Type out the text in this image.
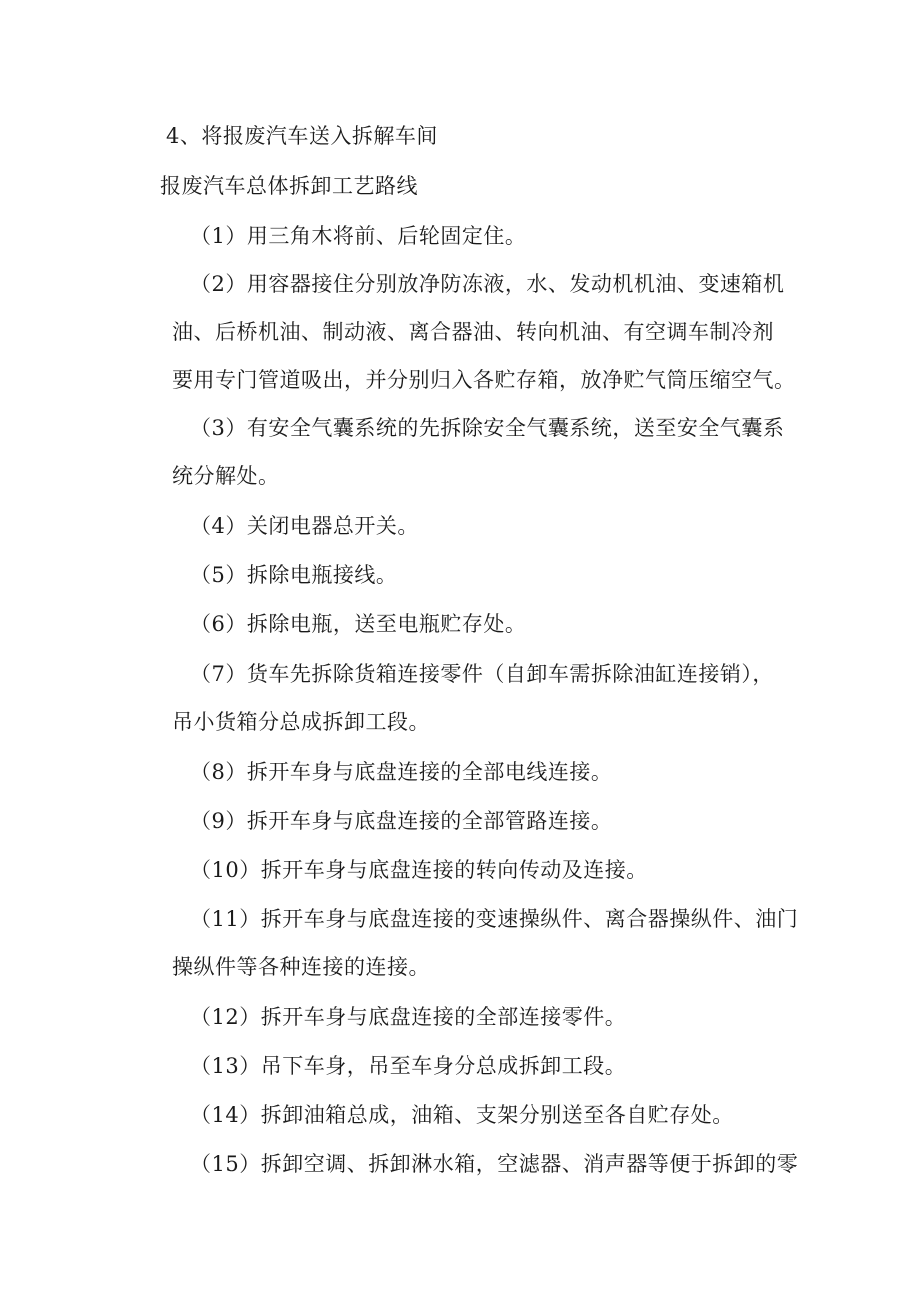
4、将报废汽车送入拆解车间
报废汽车总体拆卸工艺路线
（1）用三角木将前、后轮固定住。
（2）用容器接住分别放净防冻液，水、发动机机油、变速箱机
油、后桥机油、制动液、离合器油、转向机油、有空调车制冷剂
要用专门管道吸出，并分别归入各贮存箱，放净贮气筒压缩空气。
（3）有安全气囊系统的先拆除安全气囊系统，送至安全气囊系
统分解处。
（4）关闭电器总开关。
（5）拆除电瓶接线。
（6）拆除电瓶，送至电瓶贮存处。
（7）货车先拆除货箱连接零件（自卸车需拆除油缸连接销），
吊小货箱分总成拆卸工段。
（8）拆开车身与底盘连接的全部电线连接。
（9）拆开车身与底盘连接的全部管路连接。
（10）拆开车身与底盘连接的转向传动及连接。
（11）拆开车身与底盘连接的变速操纵件、离合器操纵件、油门
操纵件等各种连接的连接。
（12）拆开车身与底盘连接的全部连接零件。
（13）吊下车身，吊至车身分总成拆卸工段。
（14）拆卸油箱总成，油箱、支架分别送至各自贮存处。
（15）拆卸空调、拆卸淋水箱，空滤器、消声器等便于拆卸的零
